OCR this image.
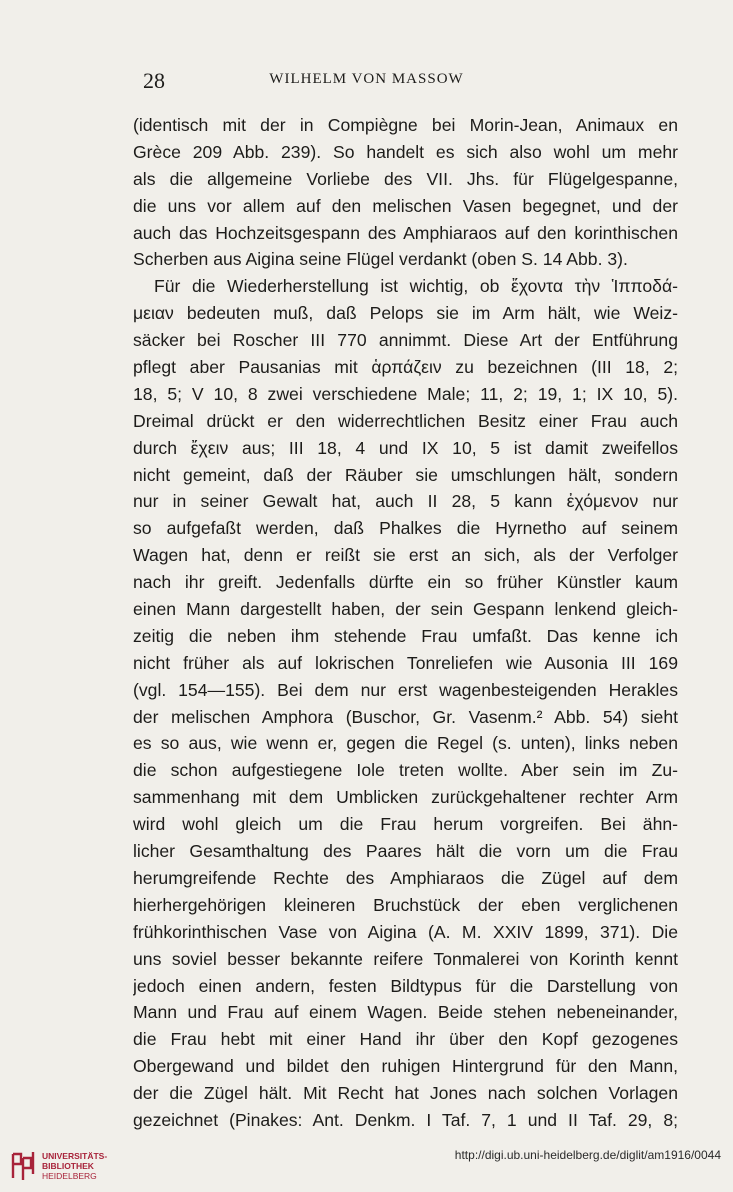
28	WILHELM VON MASSOW
(identisch mit der in Compiègne bei Morin-Jean, Animaux en
Grèce 209 Abb. 239). So handelt es sich also wohl um mehr
als die allgemeine Vorliebe des VII. Jhs. für Flügelgespanne,
die uns vor allem auf den melischen Vasen begegnet, und der
auch das Hochzeitsgespann des Amphiaraos auf den korinthischen
Scherben aus Aigina seine Flügel verdankt (oben S. 14 Abb. 3).
Für die Wiederherstellung ist wichtig, ob ἔχοντα τὴν Ἱπποδά-
μειαν bedeuten muß, daß Pelops sie im Arm hält, wie Weiz-
säcker bei Roscher III 770 annimmt. Diese Art der Entführung
pflegt aber Pausanias mit ἁρπάζειν zu bezeichnen (III 18, 2;
18, 5; V 10, 8 zwei verschiedene Male; 11, 2; 19, 1; IX 10, 5).
Dreimal drückt er den widerrechtlichen Besitz einer Frau auch
durch ἔχειν aus; III 18, 4 und IX 10, 5 ist damit zweifellos
nicht gemeint, daß der Räuber sie umschlungen hält, sondern
nur in seiner Gewalt hat, auch II 28, 5 kann ἐχόμενον nur
so aufgefaßt werden, daß Phalkes die Hyrnetho auf seinem
Wagen hat, denn er reißt sie erst an sich, als der Verfolger
nach ihr greift. Jedenfalls dürfte ein so früher Künstler kaum
einen Mann dargestellt haben, der sein Gespann lenkend gleich-
zeitig die neben ihm stehende Frau umfaßt. Das kenne ich
nicht früher als auf lokrischen Tonreliefen wie Ausonia III 169
(vgl. 154—155). Bei dem nur erst wagenbesteigenden Herakles
der melischen Amphora (Buschor, Gr. Vasenm.² Abb. 54) sieht
es so aus, wie wenn er, gegen die Regel (s. unten), links neben
die schon aufgestiegene Iole treten wollte. Aber sein im Zu-
sammenhang mit dem Umblicken zurückgehaltener rechter Arm
wird wohl gleich um die Frau herum vorgreifen. Bei ähn-
licher Gesamthaltung des Paares hält die vorn um die Frau
herumgreifende Rechte des Amphiaraos die Zügel auf dem
hierhergehörigen kleineren Bruchstück der eben verglichenen
frühkorinthischen Vase von Aigina (A. M. XXIV 1899, 371). Die
uns soviel besser bekannte reifere Tonmalerei von Korinth kennt
jedoch einen andern, festen Bildtypus für die Darstellung von
Mann und Frau auf einem Wagen. Beide stehen nebeneinander,
die Frau hebt mit einer Hand ihr über den Kopf gezogenes
Obergewand und bildet den ruhigen Hintergrund für den Mann,
der die Zügel hält. Mit Recht hat Jones nach solchen Vorlagen
gezeichnet (Pinakes: Ant. Denkm. I Taf. 7, 1 und II Taf. 29, 8;
UNIVERSITÄTS-
BIBLIOTHEK
HEIDELBERG
http://digi.ub.uni-heidelberg.de/diglit/am1916/0044
